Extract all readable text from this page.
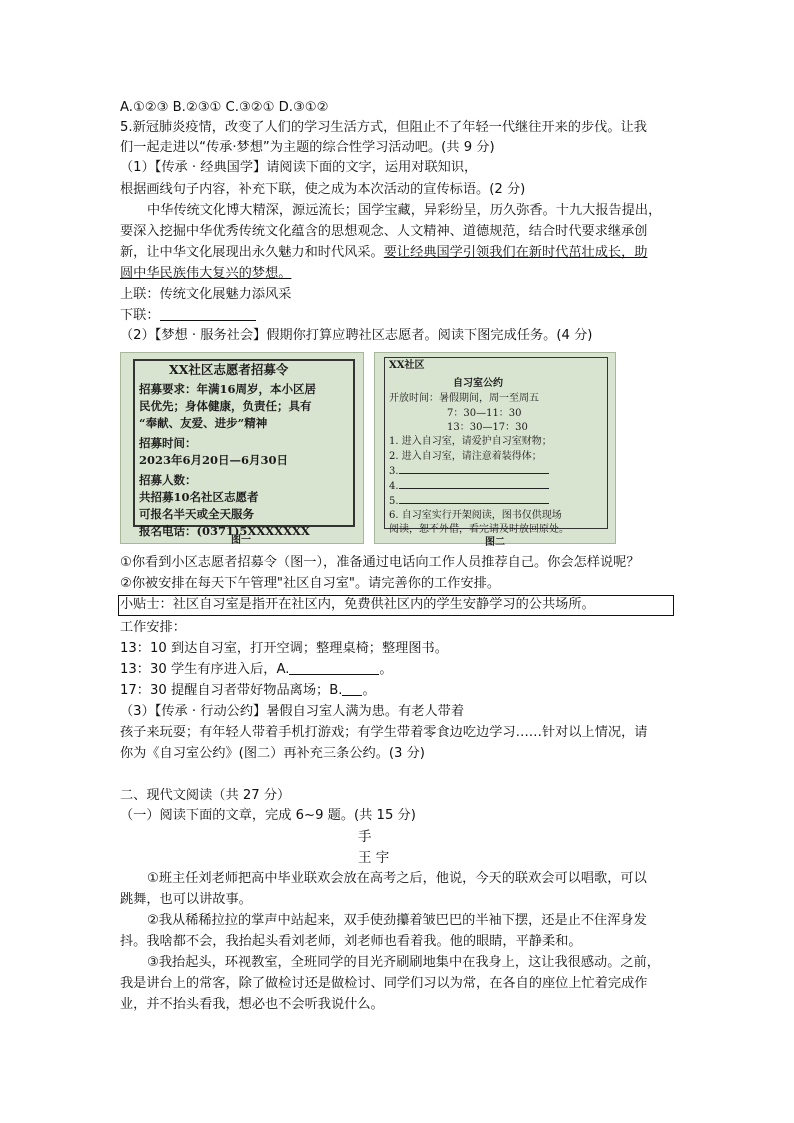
A.①②③ B.②③① C.③②① D.③①②
5.新冠肺炎疫情，改变了人们的学习生活方式，但阻止不了年轻一代继往开来的步伐。让我
们一起走进以“传承·梦想”为主题的综合性学习活动吧。(共 9 分)
（1）【传承 · 经典国学】请阅读下面的文字，运用对联知识，
根据画线句子内容，补充下联，使之成为本次活动的宣传标语。(2 分)
中华传统文化博大精深，源远流长；国学宝藏，异彩纷呈，历久弥香。十九大报告提出，
要深入挖掘中华优秀传统文化蕴含的思想观念、人文精神、道德规范，结合时代要求继承创
新，让中华文化展现出永久魅力和时代风采。要让经典国学引领我们在新时代茁壮成长，助
圆中华民族伟大复兴的梦想。
上联：传统文化展魅力添风采
下联：
（2）【梦想 · 服务社会】假期你打算应聘社区志愿者。阅读下图完成任务。(4 分)
XX社区志愿者招募令
招募要求：年满16周岁，本小区居
民优先；身体健康，负责任；具有
“奉献、友爱、进步”精神
招募时间：
2023年6月20日—6月30日
招募人数：
共招募10名社区志愿者
可报名半天或全天服务
报名电话：(0371)5XXXXXXX
图一
XX社区
自习室公约
开放时间：暑假期间，周一至周五
7：30—11：30
13：30—17：30
1. 进入自习室，请爱护自习室财物；
2. 进入自习室，请注意着装得体；
3.
4.
5.
6. 自习室实行开架阅读，图书仅供现场
阅读，恕不外借，看完请及时放回原处。
图二
①你看到小区志愿者招募令（图一），准备通过电话向工作人员推荐自己。你会怎样说呢？
②你被安排在每天下午管理"社区自习室"。请完善你的工作安排。
小贴士：社区自习室是指开在社区内，免费供社区内的学生安静学习的公共场所。
工作安排：
13：10 到达自习室，打开空调；整理桌椅；整理图书。
13：30 学生有序进入后，A.	。
17：30 提醒自习者带好物品离场；B. 。
（3）【传承 · 行动公约】暑假自习室人满为患。有老人带着
孩子来玩耍；有年轻人带着手机打游戏；有学生带着零食边吃边学习……针对以上情况，请
你为《自习室公约》(图二）再补充三条公约。(3 分)
二、现代文阅读（共 27 分）
（一）阅读下面的文章，完成 6~9 题。(共 15 分)
手
王 宇
①班主任刘老师把高中毕业联欢会放在高考之后，他说，今天的联欢会可以唱歌，可以
跳舞，也可以讲故事。
②我从稀稀拉拉的掌声中站起来，双手使劲攥着皱巴巴的半袖下摆，还是止不住浑身发
抖。我啥都不会，我抬起头看刘老师，刘老师也看着我。他的眼睛，平静柔和。
③我抬起头，环视教室，全班同学的目光齐刷刷地集中在我身上，这让我很感动。之前，
我是讲台上的常客，除了做检讨还是做检讨、同学们习以为常，在各自的座位上忙着完成作
业，并不抬头看我，想必也不会听我说什么。
